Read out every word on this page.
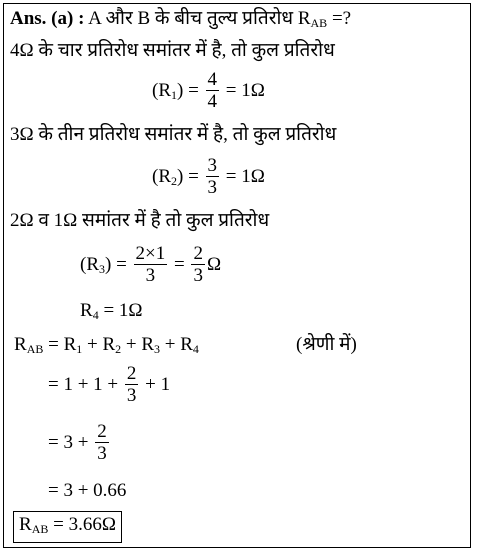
Ans. (a) : A और B के बीच तुल्य प्रतिरोध $R_{AB}$ =?
4Ω के चार प्रतिरोध समांतर में है, तो कुल प्रतिरोध
$(R_1) = \frac{4}{4} = 1\Omega$
3Ω के तीन प्रतिरोध समांतर में है, तो कुल प्रतिरोध
$(R_2) = \frac{3}{3} = 1\Omega$
2Ω व 1Ω समांतर में है तो कुल प्रतिरोध
$(R_3) = \frac{2\times 1}{3} = \frac{2}{3}$ Ω
$R_4 = 1\Omega$
$R_{AB} = R_1 + R_2 + R_3 + R_4$	(श्रेणी में)
= $1 + 1 + \frac{2}{3} + 1$
= $3 + \frac{2}{3}$
= 3 + 0.66
$R_{AB} = 3.66\Omega$
